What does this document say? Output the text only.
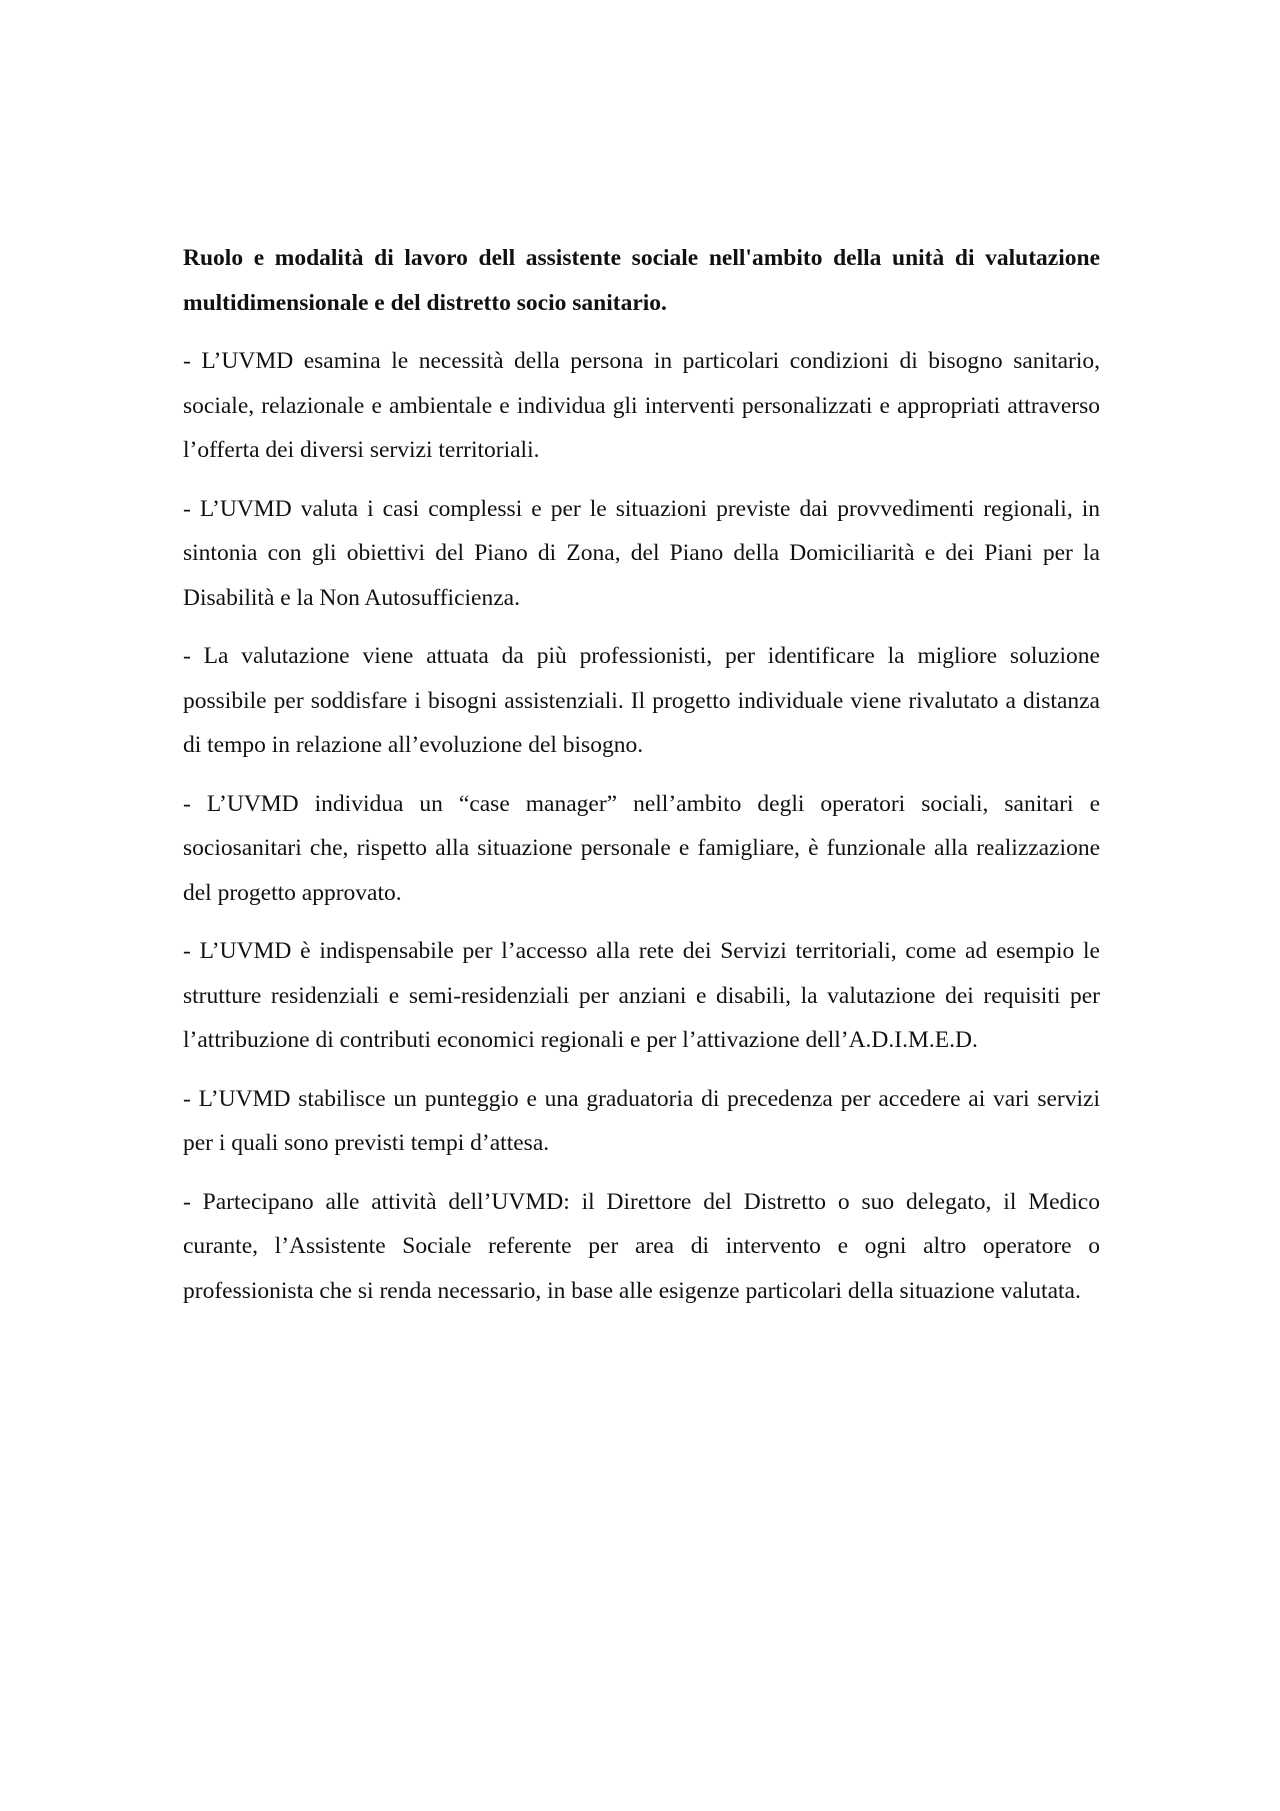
Ruolo e modalità di lavoro dell assistente sociale nell'ambito della unità di valutazione multidimensionale e del distretto socio sanitario.

- L’UVMD esamina le necessità della persona in particolari condizioni di bisogno sanitario, sociale, relazionale e ambientale e individua gli interventi personalizzati e appropriati attraverso l’offerta dei diversi servizi territoriali.

- L’UVMD valuta i casi complessi e per le situazioni previste dai provvedimenti regionali, in sintonia con gli obiettivi del Piano di Zona, del Piano della Domiciliarità e dei Piani per la Disabilità e la Non Autosufficienza.

- La valutazione viene attuata da più professionisti, per identificare la migliore soluzione possibile per soddisfare i bisogni assistenziali. Il progetto individuale viene rivalutato a distanza di tempo in relazione all’evoluzione del bisogno.

- L’UVMD individua un “case manager” nell’ambito degli operatori sociali, sanitari e sociosanitari che, rispetto alla situazione personale e famigliare, è funzionale alla realizzazione del progetto approvato.

- L’UVMD è indispensabile per l’accesso alla rete dei Servizi territoriali, come ad esempio le strutture residenziali e semi-residenziali per anziani e disabili, la valutazione dei requisiti per l’attribuzione di contributi economici regionali e per l’attivazione dell’A.D.I.M.E.D.

- L’UVMD stabilisce un punteggio e una graduatoria di precedenza per accedere ai vari servizi per i quali sono previsti tempi d’attesa.

- Partecipano alle attività dell’UVMD: il Direttore del Distretto o suo delegato, il Medico curante, l’Assistente Sociale referente per area di intervento e ogni altro operatore o professionista che si renda necessario, in base alle esigenze particolari della situazione valutata.
